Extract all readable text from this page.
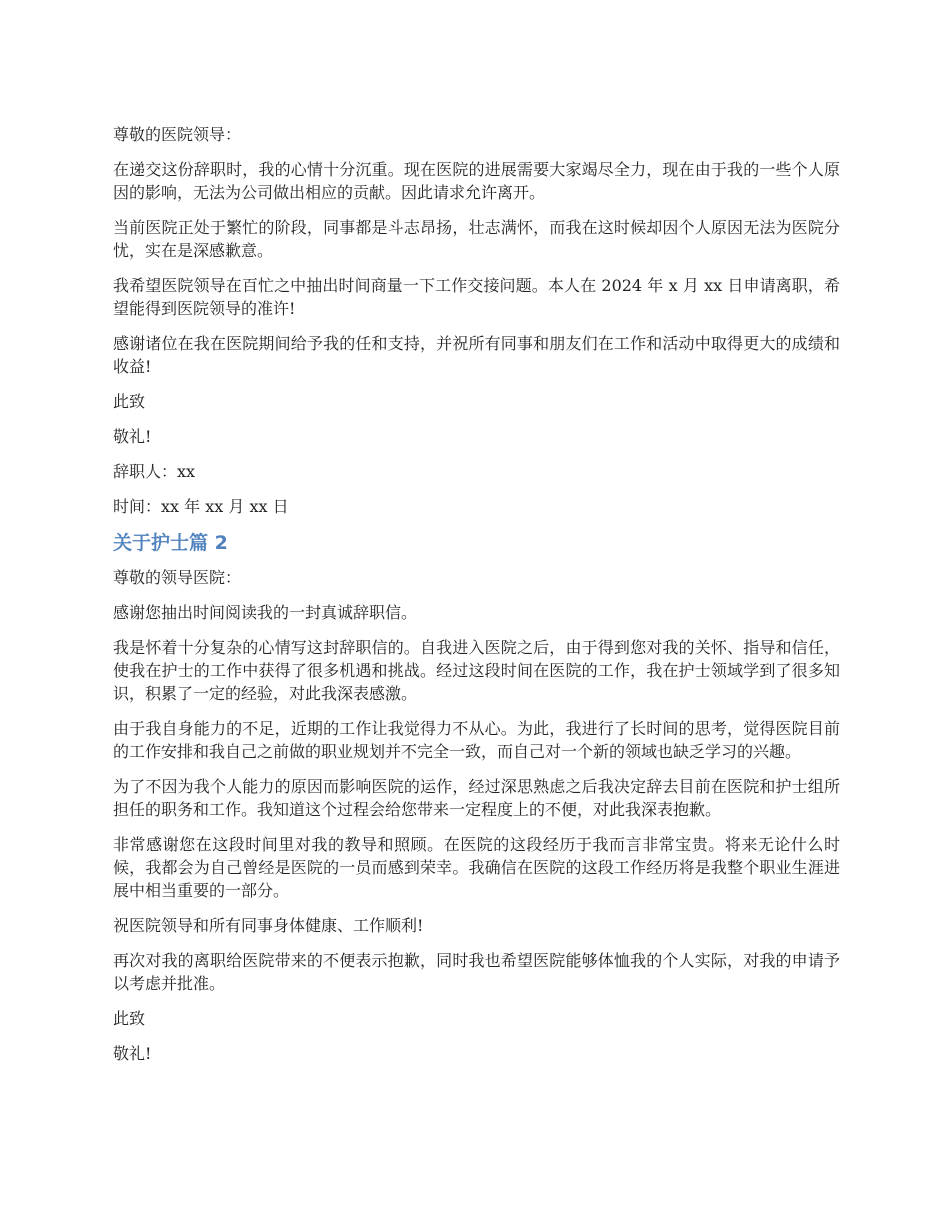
尊敬的医院领导：

在递交这份辞职时，我的心情十分沉重。现在医院的进展需要大家竭尽全力，现在由于我的一些个人原因的影响，无法为公司做出相应的贡献。因此请求允许离开。

当前医院正处于繁忙的阶段，同事都是斗志昂扬，壮志满怀，而我在这时候却因个人原因无法为医院分忧，实在是深感歉意。

我希望医院领导在百忙之中抽出时间商量一下工作交接问题。本人在 2024 年 x 月 xx 日申请离职，希望能得到医院领导的准许!

感谢诸位在我在医院期间给予我的任和支持，并祝所有同事和朋友们在工作和活动中取得更大的成绩和收益!

此致

敬礼!

辞职人：xx

时间：xx 年 xx 月 xx 日

关于护士篇 2

尊敬的领导医院：

感谢您抽出时间阅读我的一封真诚辞职信。

我是怀着十分复杂的心情写这封辞职信的。自我进入医院之后，由于得到您对我的关怀、指导和信任，使我在护士的工作中获得了很多机遇和挑战。经过这段时间在医院的工作，我在护士领域学到了很多知识，积累了一定的经验，对此我深表感激。

由于我自身能力的不足，近期的工作让我觉得力不从心。为此，我进行了长时间的思考，觉得医院目前的工作安排和我自己之前做的职业规划并不完全一致，而自己对一个新的领域也缺乏学习的兴趣。

为了不因为我个人能力的原因而影响医院的运作，经过深思熟虑之后我决定辞去目前在医院和护士组所担任的职务和工作。我知道这个过程会给您带来一定程度上的不便，对此我深表抱歉。

非常感谢您在这段时间里对我的教导和照顾。在医院的这段经历于我而言非常宝贵。将来无论什么时候，我都会为自己曾经是医院的一员而感到荣幸。我确信在医院的这段工作经历将是我整个职业生涯进展中相当重要的一部分。

祝医院领导和所有同事身体健康、工作顺利!

再次对我的离职给医院带来的不便表示抱歉，同时我也希望医院能够体恤我的个人实际，对我的申请予以考虑并批准。

此致

敬礼!
